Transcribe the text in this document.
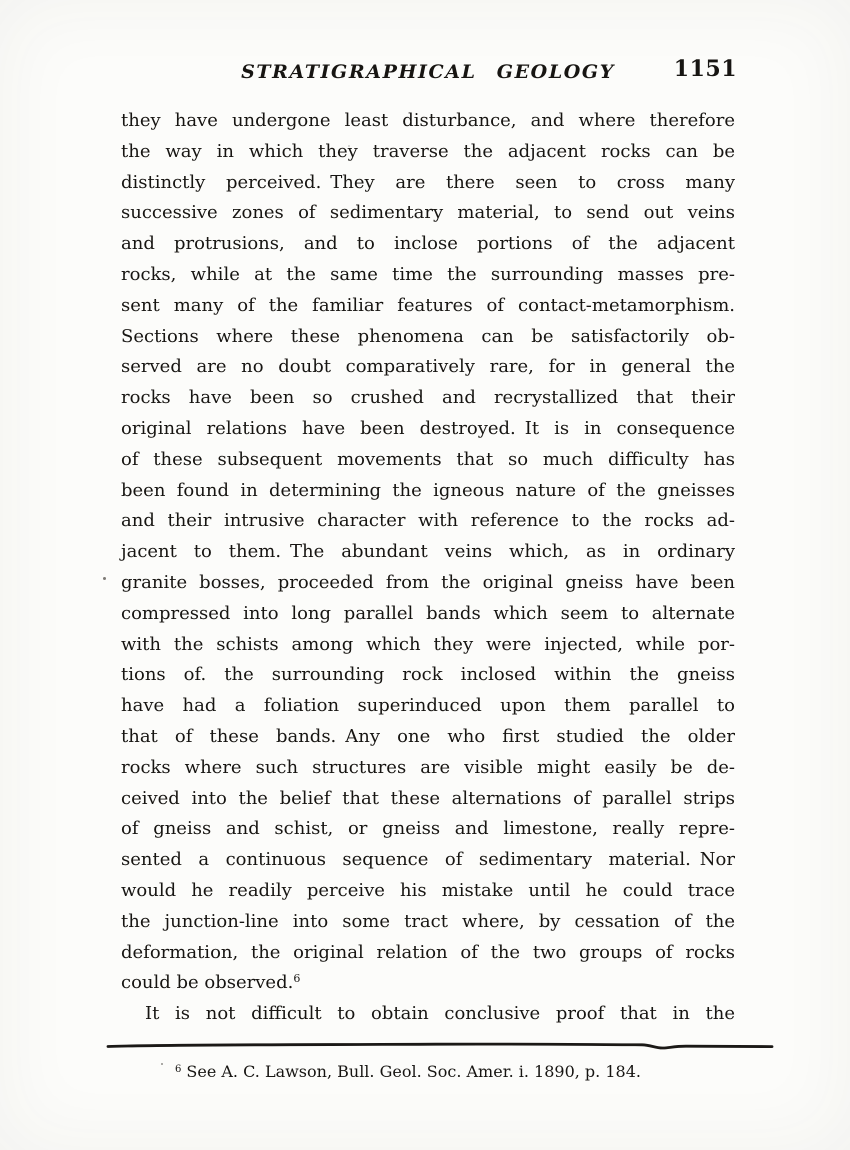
STRATIGRAPHICAL GEOLOGY	1151
they have undergone least disturbance, and where therefore
the way in which they traverse the adjacent rocks can be
distinctly perceived. They are there seen to cross many
successive zones of sedimentary material, to send out veins
and protrusions, and to inclose portions of the adjacent
rocks, while at the same time the surrounding masses pre-
sent many of the familiar features of contact-metamorphism.
Sections where these phenomena can be satisfactorily ob-
served are no doubt comparatively rare, for in general the
rocks have been so crushed and recrystallized that their
original relations have been destroyed. It is in consequence
of these subsequent movements that so much difficulty has
been found in determining the igneous nature of the gneisses
and their intrusive character with reference to the rocks ad-
jacent to them. The abundant veins which, as in ordinary
granite bosses, proceeded from the original gneiss have been
compressed into long parallel bands which seem to alternate
with the schists among which they were injected, while por-
tions of. the surrounding rock inclosed within the gneiss
have had a foliation superinduced upon them parallel to
that of these bands. Any one who first studied the older
rocks where such structures are visible might easily be de-
ceived into the belief that these alternations of parallel strips
of gneiss and schist, or gneiss and limestone, really repre-
sented a continuous sequence of sedimentary material. Nor
would he readily perceive his mistake until he could trace
the junction-line into some tract where, by cessation of the
deformation, the original relation of the two groups of rocks
could be observed.$^6$
It is not difficult to obtain conclusive proof that in the
$^6$ See A. C. Lawson, Bull. Geol. Soc. Amer. i. 1890, p. 184.
